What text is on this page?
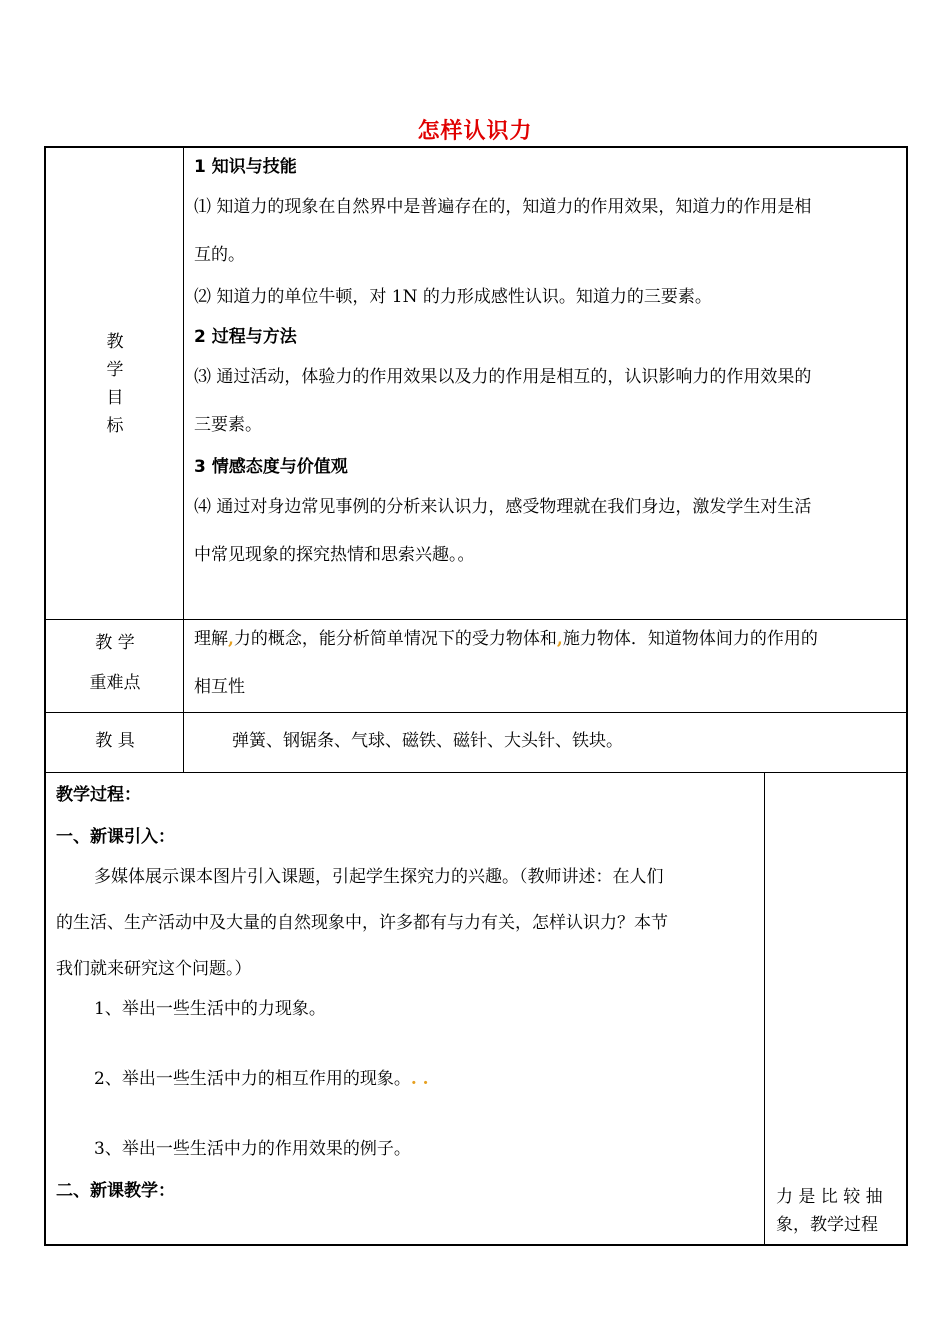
怎样认识力
教
学
目
标
1 知识与技能
⑴ 知道力的现象在自然界中是普遍存在的，知道力的作用效果，知道力的作用是相
互的。
⑵ 知道力的单位牛顿，对 1N 的力形成感性认识。知道力的三要素。
2 过程与方法
⑶ 通过活动，体验力的作用效果以及力的作用是相互的，认识影响力的作用效果的
三要素。
3 情感态度与价值观
⑷ 通过对身边常见事例的分析来认识力，感受物理就在我们身边，激发学生对生活
中常见现象的探究热情和思索兴趣。。
教 学
重难点
理解,力的概念，能分析简单情况下的受力物体和,施力物体．知道物体间力的作用的
相互性
教 具	弹簧、钢锯条、气球、磁铁、磁针、大头针、铁块。
教学过程：
一、新课引入：
多媒体展示课本图片引入课题，引起学生探究力的兴趣。（教师讲述：在人们
的生活、生产活动中及大量的自然现象中，许多都有与力有关，怎样认识力？本节
我们就来研究这个问题。）
1、举出一些生活中的力现象。
2、举出一些生活中力的相互作用的现象。. .
3、举出一些生活中力的作用效果的例子。
二、新课教学：	力 是 比 较 抽
象，教学过程
